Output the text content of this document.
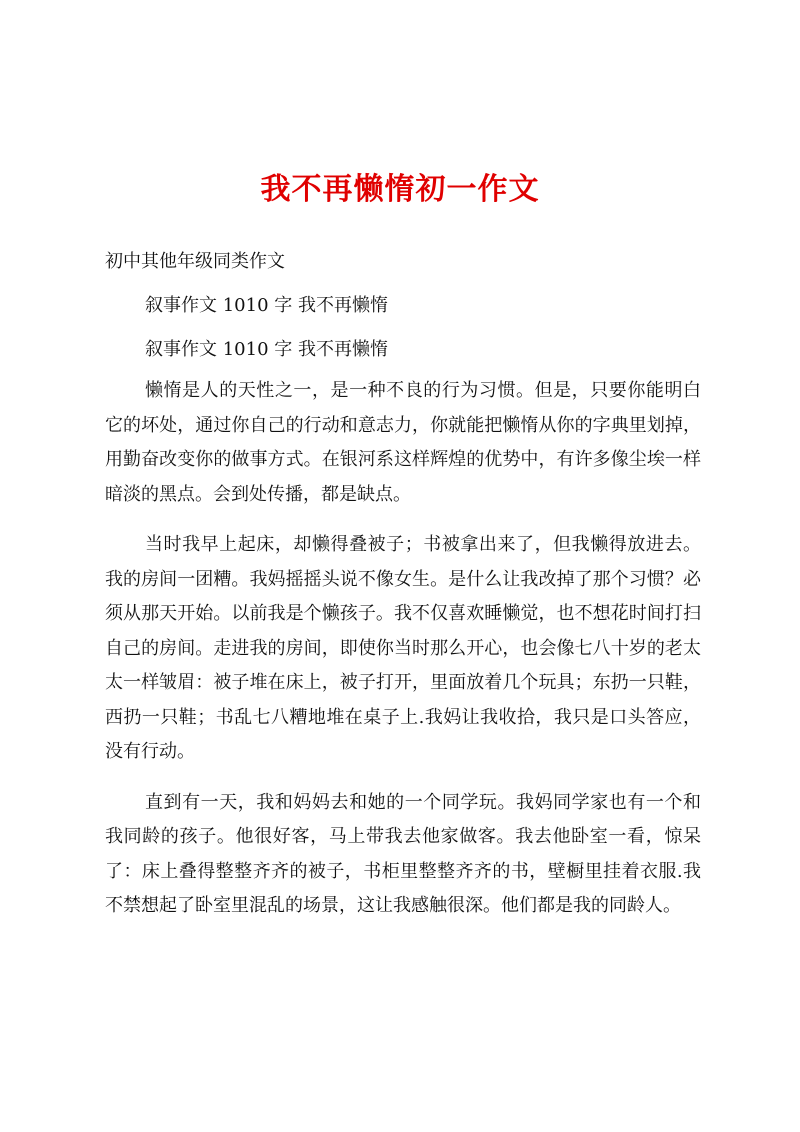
我不再懒惰初一作文

初中其他年级同类作文

叙事作文 1010 字 我不再懒惰

叙事作文 1010 字 我不再懒惰

懒惰是人的天性之一，是一种不良的行为习惯。但是，只要你能明白它的坏处，通过你自己的行动和意志力，你就能把懒惰从你的字典里划掉，用勤奋改变你的做事方式。在银河系这样辉煌的优势中，有许多像尘埃一样暗淡的黑点。会到处传播，都是缺点。

当时我早上起床，却懒得叠被子；书被拿出来了，但我懒得放进去。我的房间一团糟。我妈摇摇头说不像女生。是什么让我改掉了那个习惯？必须从那天开始。以前我是个懒孩子。我不仅喜欢睡懒觉，也不想花时间打扫自己的房间。走进我的房间，即使你当时那么开心，也会像七八十岁的老太太一样皱眉：被子堆在床上，被子打开，里面放着几个玩具；东扔一只鞋，西扔一只鞋；书乱七八糟地堆在桌子上.我妈让我收拾，我只是口头答应，没有行动。

直到有一天，我和妈妈去和她的一个同学玩。我妈同学家也有一个和我同龄的孩子。他很好客，马上带我去他家做客。我去他卧室一看，惊呆了：床上叠得整整齐齐的被子，书柜里整整齐齐的书，壁橱里挂着衣服.我不禁想起了卧室里混乱的场景，这让我感触很深。他们都是我的同龄人。
